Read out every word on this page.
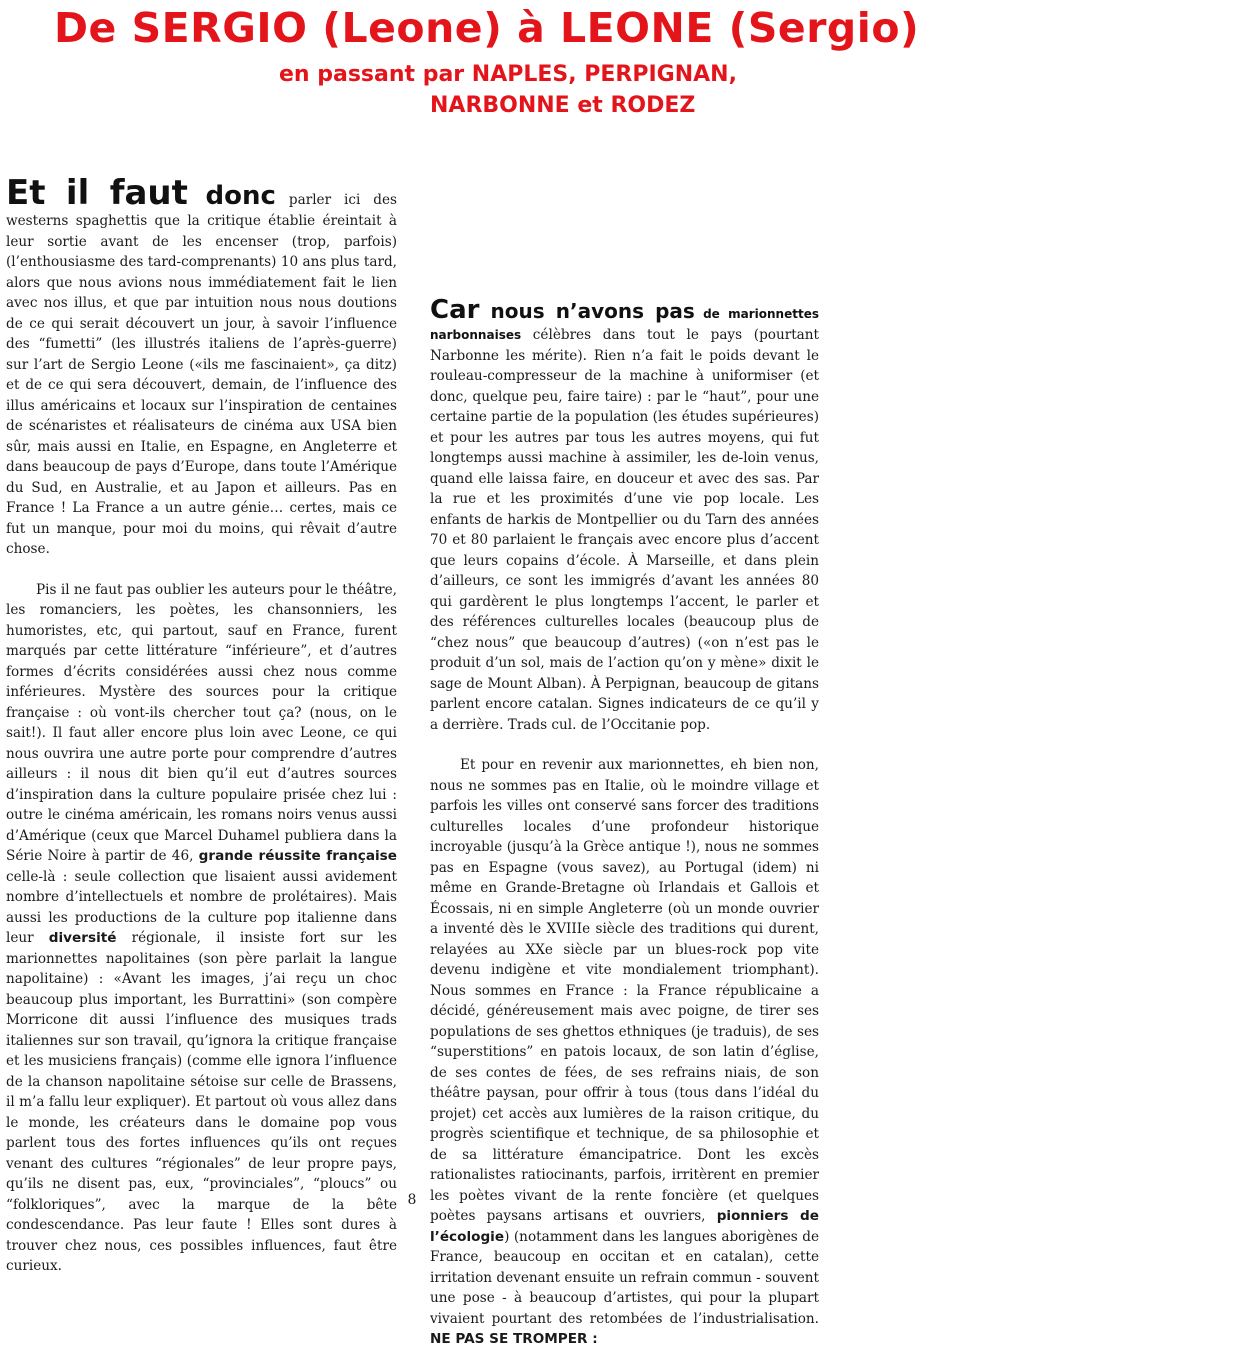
De SERGIO (Leone) à LEONE (Sergio)
en passant par NAPLES, PERPIGNAN,
NARBONNE et RODEZ

Et il faut donc parler ici des westerns spaghettis que la critique établie éreintait à leur sortie avant de les encenser (trop, parfois) (l’enthousiasme des tard-comprenants) 10 ans plus tard, alors que nous avions nous immédiatement fait le lien avec nos illus, et que par intuition nous nous doutions de ce qui serait découvert un jour, à savoir l’influence des “fumetti” (les illustrés italiens de l’après-guerre) sur l’art de Sergio Leone («ils me fascinaient», ça ditz) et de ce qui sera découvert, demain, de l’influence des illus américains et locaux sur l’inspiration de centaines de scénaristes et réalisateurs de cinéma aux USA bien sûr, mais aussi en Italie, en Espagne, en Angleterre et dans beaucoup de pays d’Europe, dans toute l’Amérique du Sud, en Australie, et au Japon et ailleurs. Pas en France ! La France a un autre génie… certes, mais ce fut un manque, pour moi du moins, qui rêvait d’autre chose.

Pis il ne faut pas oublier les auteurs pour le théâtre, les romanciers, les poètes, les chansonniers, les humoristes, etc, qui partout, sauf en France, furent marqués par cette littérature “inférieure”, et d’autres formes d’écrits considérées aussi chez nous comme inférieures. Mystère des sources pour la critique française : où vont-ils chercher tout ça? (nous, on le sait!). Il faut aller encore plus loin avec Leone, ce qui nous ouvrira une autre porte pour comprendre d’autres ailleurs : il nous dit bien qu’il eut d’autres sources d’inspiration dans la culture populaire prisée chez lui : outre le cinéma américain, les romans noirs venus aussi d’Amérique (ceux que Marcel Duhamel publiera dans la Série Noire à partir de 46, grande réussite française celle-là : seule collection que lisaient aussi avidement nombre d’intellectuels et nombre de prolétaires). Mais aussi les productions de la culture pop italienne dans leur diversité régionale, il insiste fort sur les marionnettes napolitaines (son père parlait la langue napolitaine) : «Avant les images, j’ai reçu un choc beaucoup plus important, les Burrattini» (son compère Morricone dit aussi l’influence des musiques trads italiennes sur son travail, qu’ignora la critique française et les musiciens français) (comme elle ignora l’influence de la chanson napolitaine sétoise sur celle de Brassens, il m’a fallu leur expliquer). Et partout où vous allez dans le monde, les créateurs dans le domaine pop vous parlent tous des fortes influences qu’ils ont reçues venant des cultures “régionales” de leur propre pays, qu’ils ne disent pas, eux, “provinciales”, “ploucs” ou “folkloriques”, avec la marque de la bête condescendance. Pas leur faute ! Elles sont dures à trouver chez nous, ces possibles influences, faut être curieux.

Car nous n’avons pas de marionnettes narbonnaises célèbres dans tout le pays (pourtant Narbonne les mérite). Rien n’a fait le poids devant le rouleau-compresseur de la machine à uniformiser (et donc, quelque peu, faire taire) : par le “haut”, pour une certaine partie de la population (les études supérieures) et pour les autres par tous les autres moyens, qui fut longtemps aussi machine à assimiler, les de-loin venus, quand elle laissa faire, en douceur et avec des sas. Par la rue et les proximités d’une vie pop locale. Les enfants de harkis de Montpellier ou du Tarn des années 70 et 80 parlaient le français avec encore plus d’accent que leurs copains d’école. À Marseille, et dans plein d’ailleurs, ce sont les immigrés d’avant les années 80 qui gardèrent le plus longtemps l’accent, le parler et des références culturelles locales (beaucoup plus de “chez nous” que beaucoup d’autres) («on n’est pas le produit d’un sol, mais de l’action qu’on y mène» dixit le sage de Mount Alban). À Perpignan, beaucoup de gitans parlent encore catalan. Signes indicateurs de ce qu’il y a derrière. Trads cul. de l’Occitanie pop.

Et pour en revenir aux marionnettes, eh bien non, nous ne sommes pas en Italie, où le moindre village et parfois les villes ont conservé sans forcer des traditions culturelles locales d’une profondeur historique incroyable (jusqu’à la Grèce antique !), nous ne sommes pas en Espagne (vous savez), au Portugal (idem) ni même en Grande-Bretagne où Irlandais et Gallois et Écossais, ni en simple Angleterre (où un monde ouvrier a inventé dès le XVIIIe siècle des traditions qui durent, relayées au XXe siècle par un blues-rock pop vite devenu indigène et vite mondialement triomphant). Nous sommes en France : la France républicaine a décidé, généreusement mais avec poigne, de tirer ses populations de ses ghettos ethniques (je traduis), de ses “superstitions” en patois locaux, de son latin d’église, de ses contes de fées, de ses refrains niais, de son théâtre paysan, pour offrir à tous (tous dans l’idéal du projet) cet accès aux lumières de la raison critique, du progrès scientifique et technique, de sa philosophie et de sa littérature émancipatrice. Dont les excès rationalistes ratiocinants, parfois, irritèrent en premier les poètes vivant de la rente foncière (et quelques poètes paysans artisans et ouvriers, pionniers de l’écologie) (notamment dans les langues aborigènes de France, beaucoup en occitan et en catalan), cette irritation devenant ensuite un refrain commun - souvent une pose - à beaucoup d’artistes, qui pour la plupart vivaient pourtant des retombées de l’industrialisation. NE PAS SE TROMPER :

8
